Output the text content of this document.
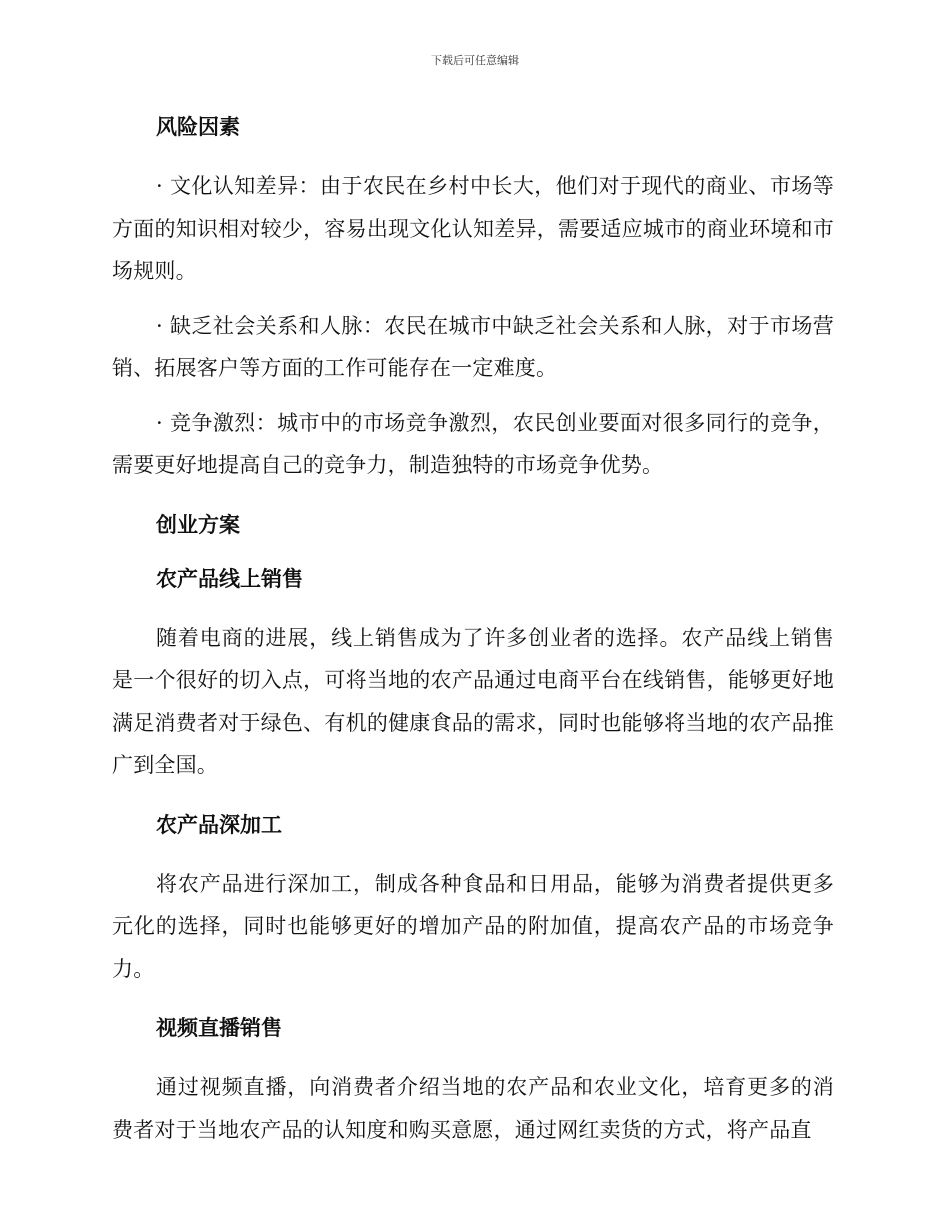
下载后可任意编辑
风险因素

· 文化认知差异：由于农民在乡村中长大，他们对于现代的商业、市场等方面的知识相对较少，容易出现文化认知差异，需要适应城市的商业环境和市场规则。

· 缺乏社会关系和人脉：农民在城市中缺乏社会关系和人脉，对于市场营销、拓展客户等方面的工作可能存在一定难度。

· 竞争激烈：城市中的市场竞争激烈，农民创业要面对很多同行的竞争，需要更好地提高自己的竞争力，制造独特的市场竞争优势。

创业方案
农产品线上销售

随着电商的进展，线上销售成为了许多创业者的选择。农产品线上销售是一个很好的切入点，可将当地的农产品通过电商平台在线销售，能够更好地满足消费者对于绿色、有机的健康食品的需求，同时也能够将当地的农产品推广到全国。

农产品深加工

将农产品进行深加工，制成各种食品和日用品，能够为消费者提供更多元化的选择，同时也能够更好的增加产品的附加值，提高农产品的市场竞争力。

视频直播销售

通过视频直播，向消费者介绍当地的农产品和农业文化，培育更多的消费者对于当地农产品的认知度和购买意愿，通过网红卖货的方式，将产品直
